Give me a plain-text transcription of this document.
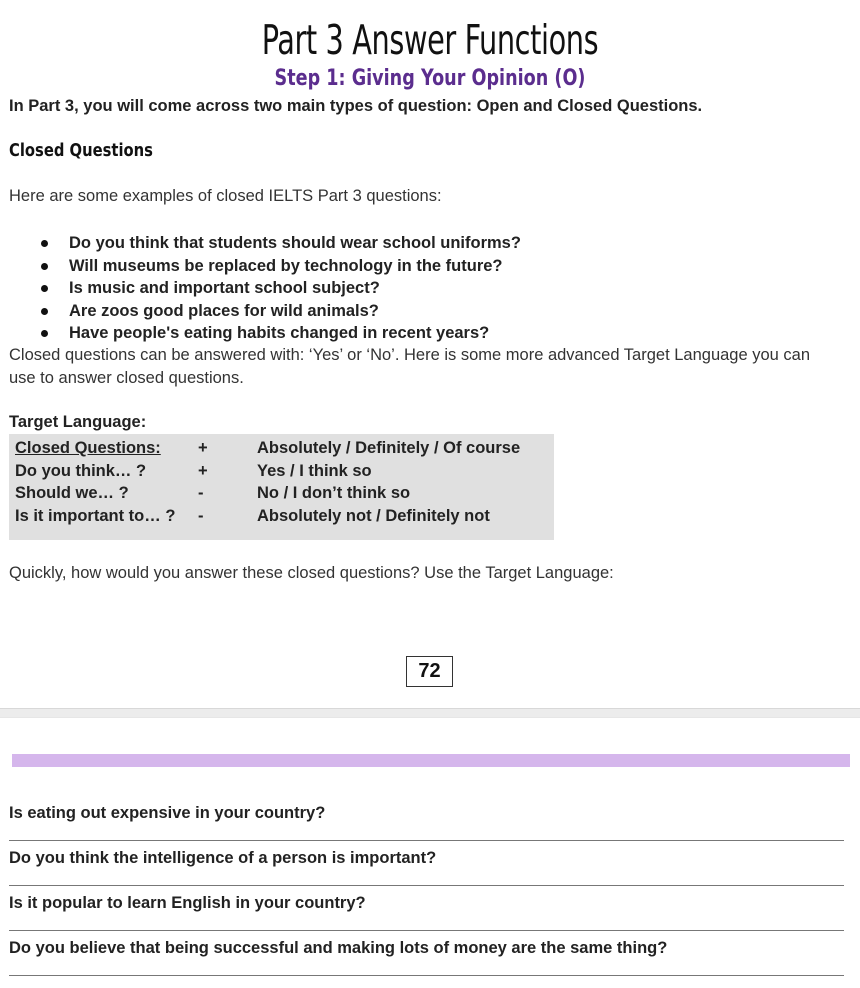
Part 3 Answer Functions
Step 1: Giving Your Opinion (O)
In Part 3, you will come across two main types of question: Open and Closed Questions.
Closed Questions
Here are some examples of closed IELTS Part 3 questions:
Do you think that students should wear school uniforms?
Will museums be replaced by technology in the future?
Is music and important school subject?
Are zoos good places for wild animals?
Have people's eating habits changed in recent years?
Closed questions can be answered with: ‘Yes’ or ‘No’. Here is some more advanced Target Language you can use to answer closed questions.
Target Language:
Closed Questions: +	Absolutely / Definitely / Of course
Do you think… ?	+	Yes / I think so
Should we… ?	-	No / I don’t think so
Is it important to… ? -	Absolutely not / Definitely not
Quickly, how would you answer these closed questions? Use the Target Language:
72
Is eating out expensive in your country?
Do you think the intelligence of a person is important?
Is it popular to learn English in your country?
Do you believe that being successful and making lots of money are the same thing?
